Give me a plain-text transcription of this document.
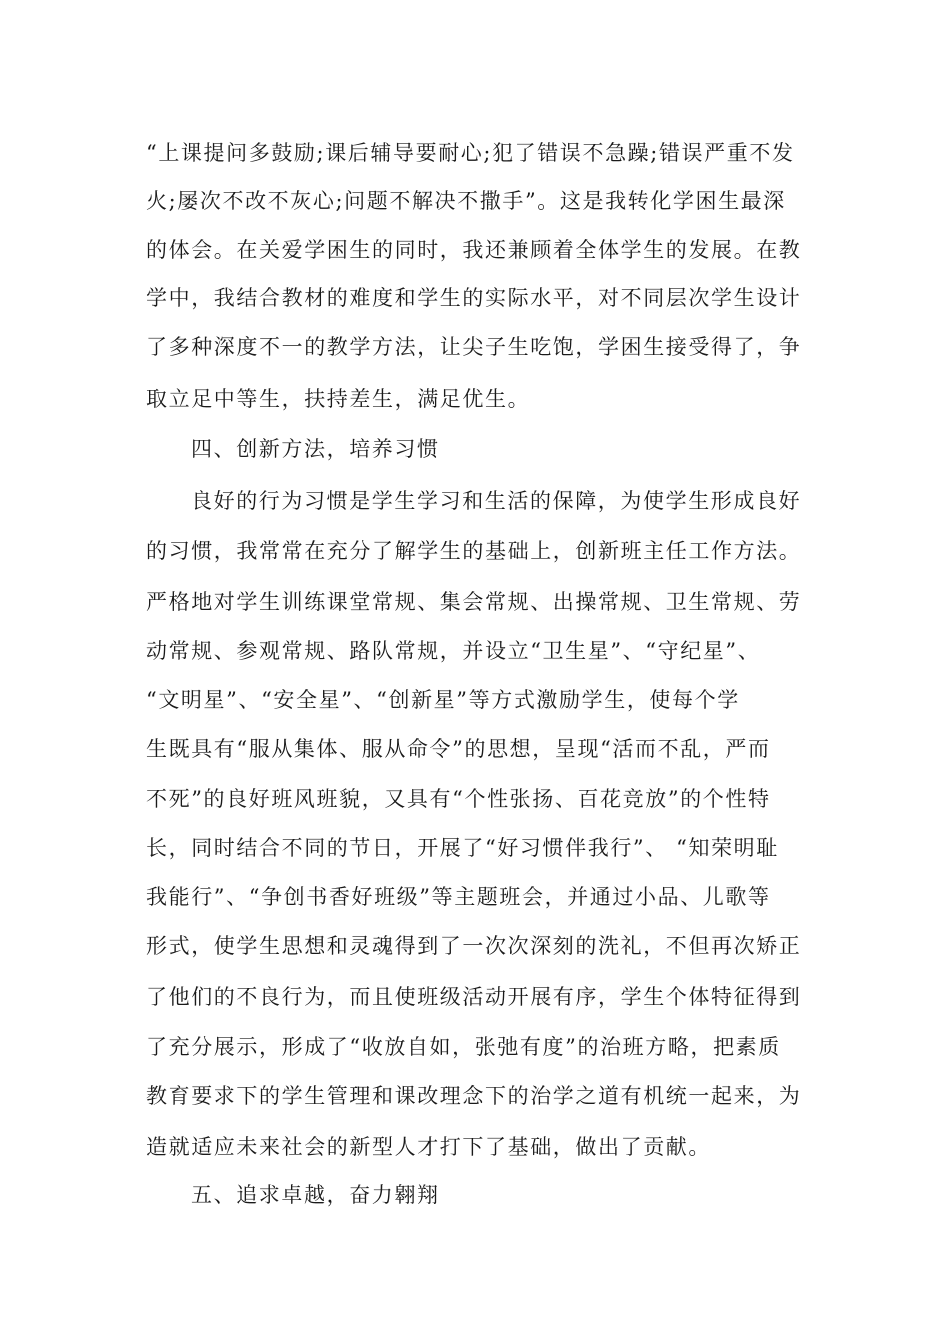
“上课提问多鼓励;课后辅导要耐心;犯了错误不急躁;错误严重不发
火;屡次不改不灰心;问题不解决不撒手”。这是我转化学困生最深
的体会。在关爱学困生的同时，我还兼顾着全体学生的发展。在教
学中，我结合教材的难度和学生的实际水平，对不同层次学生设计
了多种深度不一的教学方法，让尖子生吃饱，学困生接受得了，争
取立足中等生，扶持差生，满足优生。
四、创新方法，培养习惯
良好的行为习惯是学生学习和生活的保障，为使学生形成良好
的习惯，我常常在充分了解学生的基础上，创新班主任工作方法。
严格地对学生训练课堂常规、集会常规、出操常规、卫生常规、劳
动常规、参观常规、路队常规，并设立“卫生星”、“守纪星”、
“文明星”、“安全星”、“创新星”等方式激励学生，使每个学
生既具有“服从集体、服从命令”的思想，呈现“活而不乱，严而
不死”的良好班风班貌，又具有“个性张扬、百花竞放”的个性特
长，同时结合不同的节日，开展了“好习惯伴我行”、 “知荣明耻
我能行”、“争创书香好班级”等主题班会，并通过小品、儿歌等
形式，使学生思想和灵魂得到了一次次深刻的洗礼，不但再次矫正
了他们的不良行为，而且使班级活动开展有序，学生个体特征得到
了充分展示，形成了“收放自如，张弛有度”的治班方略，把素质
教育要求下的学生管理和课改理念下的治学之道有机统一起来，为
造就适应未来社会的新型人才打下了基础，做出了贡献。
五、追求卓越，奋力翱翔
